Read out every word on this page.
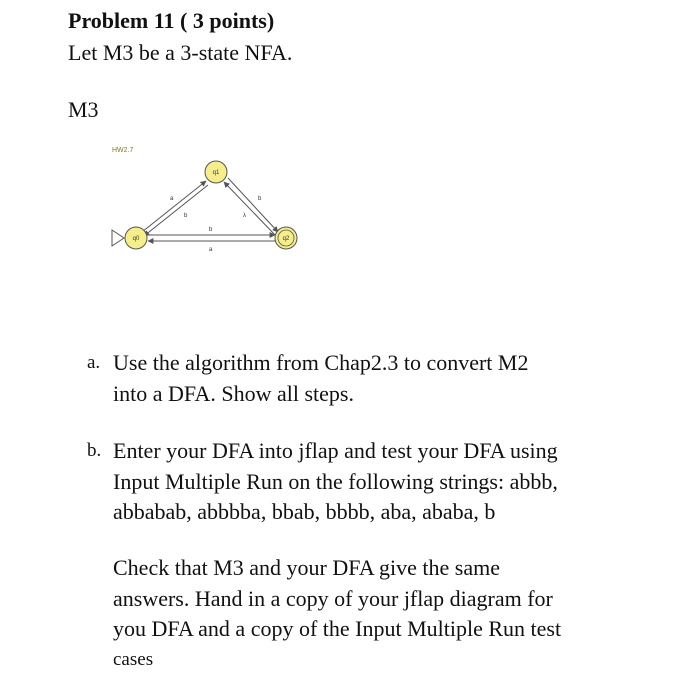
Problem 11 ( 3 points)
Let M3 be a 3-state NFA.
M3
HW2.7
a
b
b
λ
b
a
q0
q1
q2
a. Use the algorithm from Chap2.3 to convert M2
into a DFA. Show all steps.
b. Enter your DFA into jflap and test your DFA using
Input Multiple Run on the following strings: abbb,
abbabab, abbbba, bbab, bbbb, aba, ababa, b
Check that M3 and your DFA give the same
answers. Hand in a copy of your jflap diagram for
you DFA and a copy of the Input Multiple Run test
cases
